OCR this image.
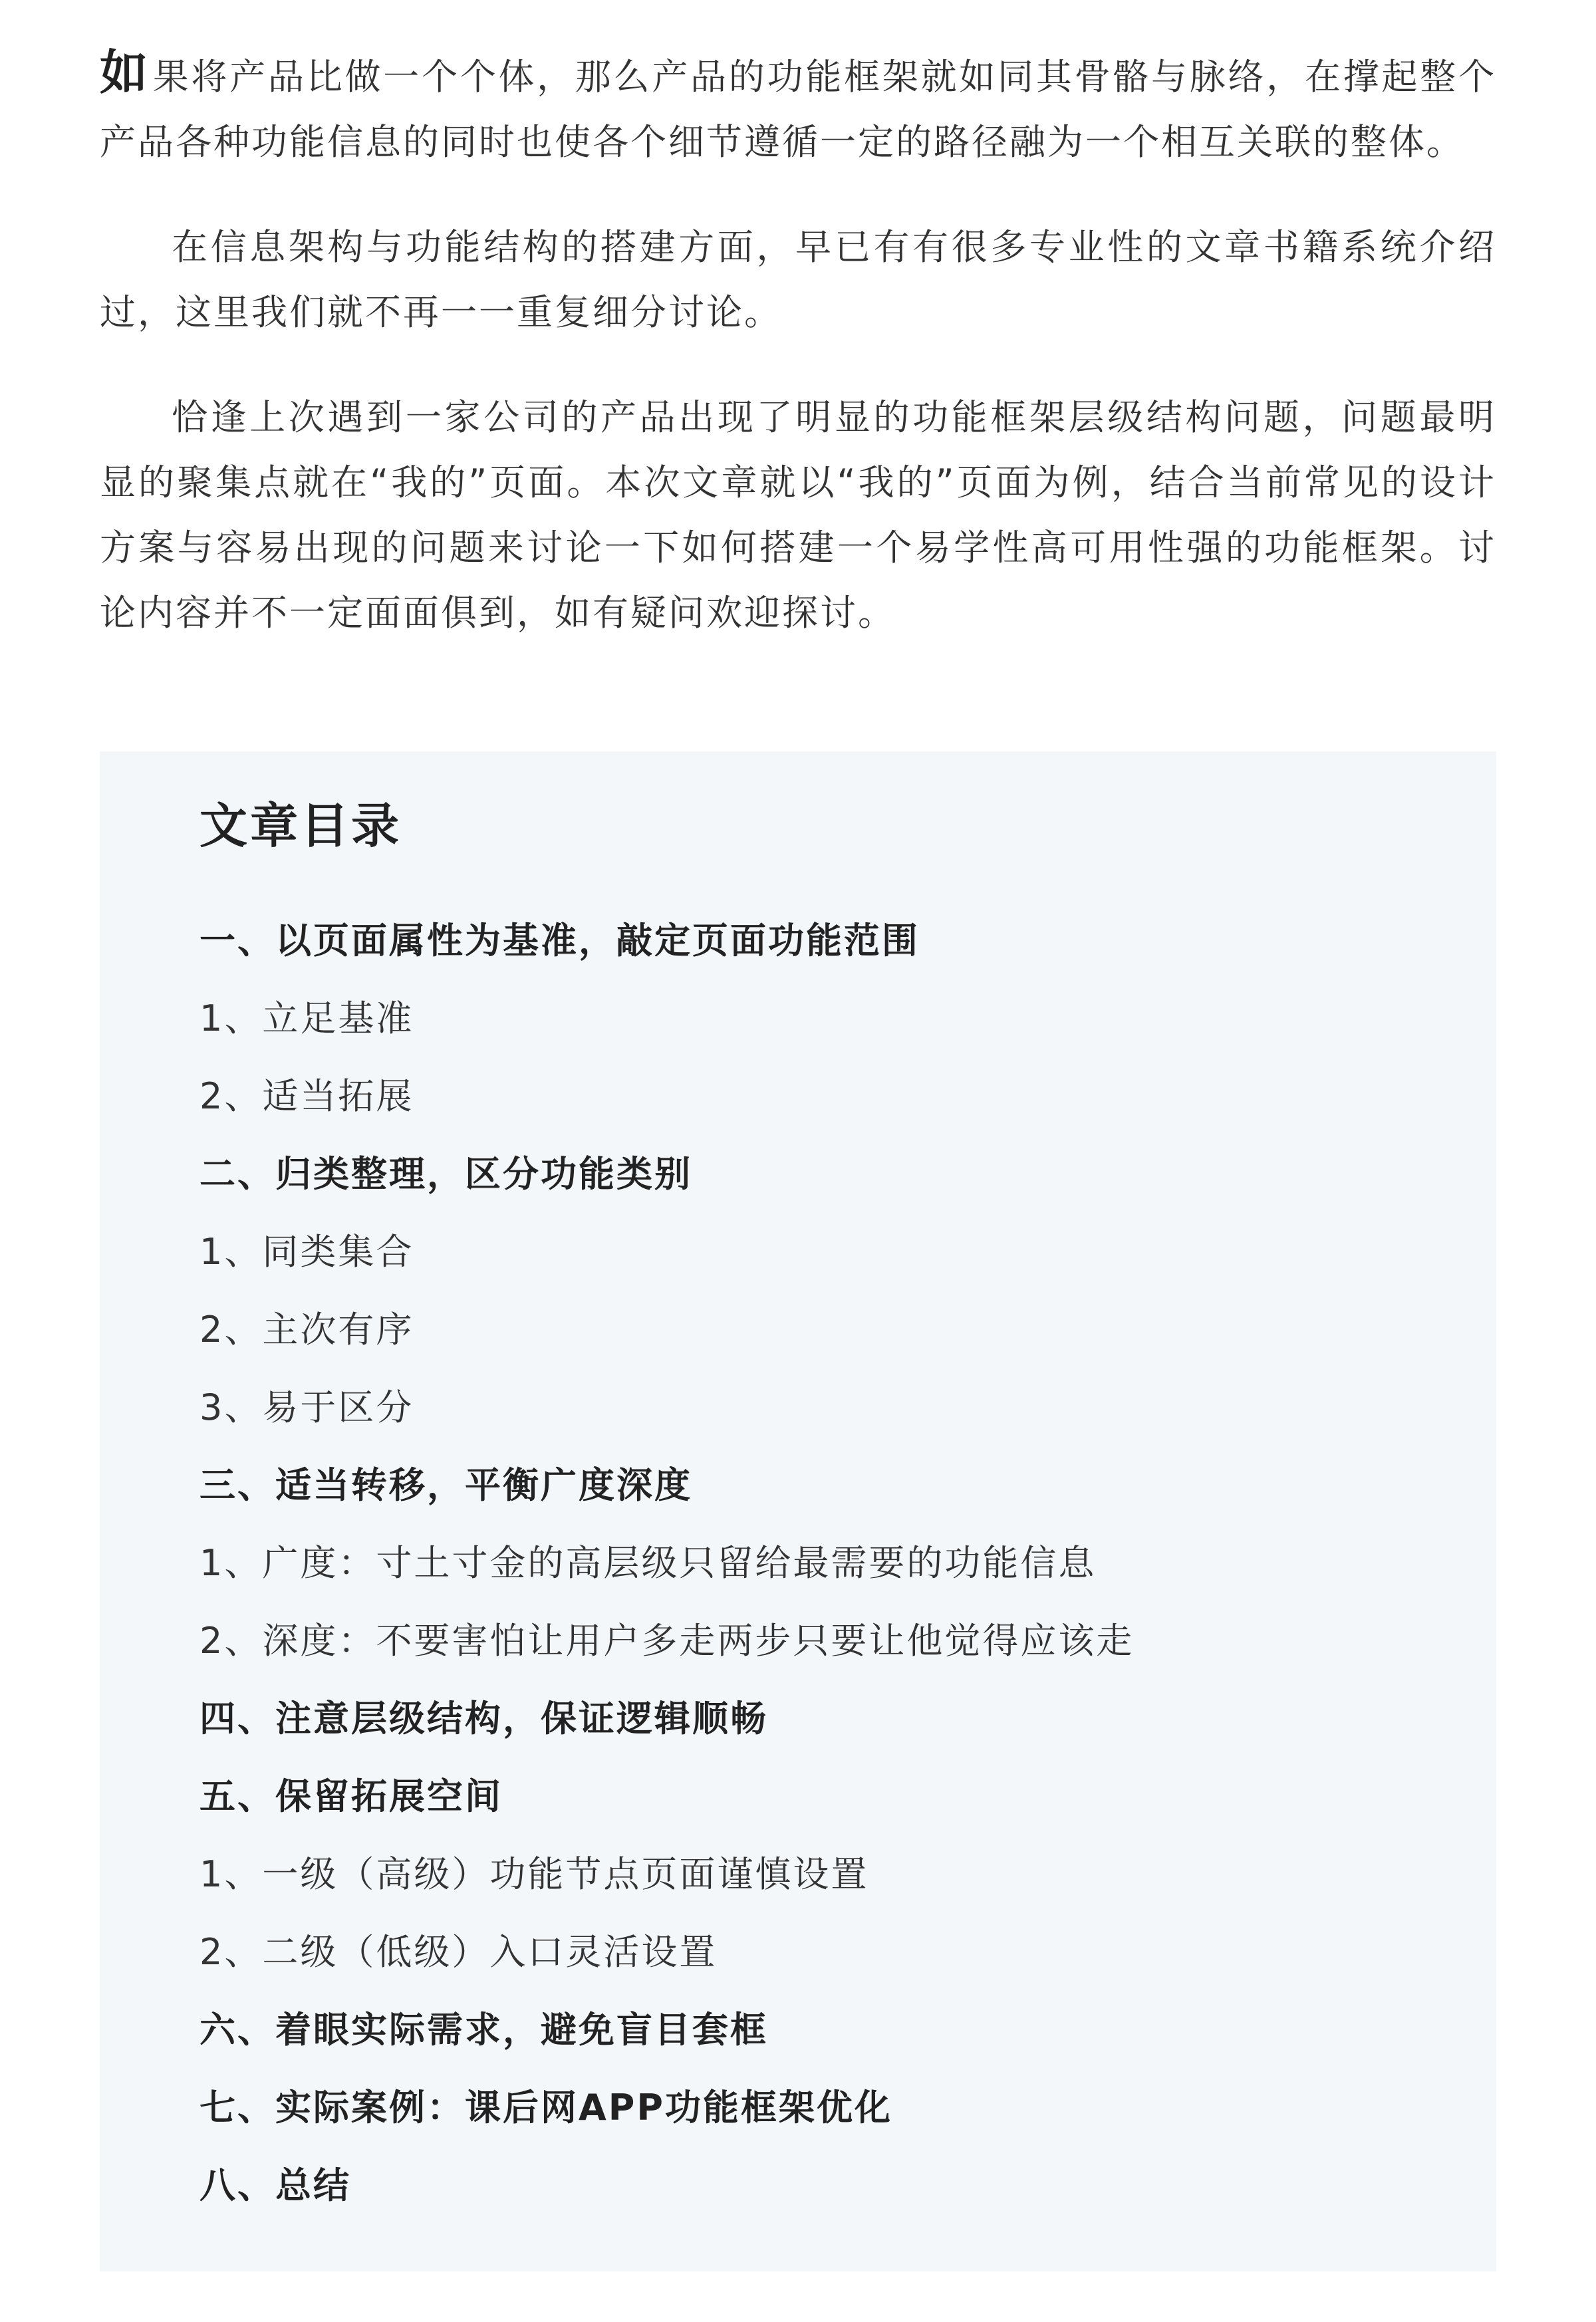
如果将产品比做一个个体，那么产品的功能框架就如同其骨骼与脉络，在撑起整个产品各种功能信息的同时也使各个细节遵循一定的路径融为一个相互关联的整体。

在信息架构与功能结构的搭建方面，早已有有很多专业性的文章书籍系统介绍过，这里我们就不再一一重复细分讨论。

恰逢上次遇到一家公司的产品出现了明显的功能框架层级结构问题，问题最明显的聚集点就在“我的”页面。本次文章就以“我的”页面为例，结合当前常见的设计方案与容易出现的问题来讨论一下如何搭建一个易学性高可用性强的功能框架。讨论内容并不一定面面俱到，如有疑问欢迎探讨。

文章目录
一、以页面属性为基准，敲定页面功能范围
1、立足基准
2、适当拓展
二、归类整理，区分功能类别
1、同类集合
2、主次有序
3、易于区分
三、适当转移，平衡广度深度
1、广度：寸土寸金的高层级只留给最需要的功能信息
2、深度：不要害怕让用户多走两步只要让他觉得应该走
四、注意层级结构，保证逻辑顺畅
五、保留拓展空间
1、一级（高级）功能节点页面谨慎设置
2、二级（低级）入口灵活设置
六、着眼实际需求，避免盲目套框
七、实际案例：课后网APP功能框架优化
八、总结
